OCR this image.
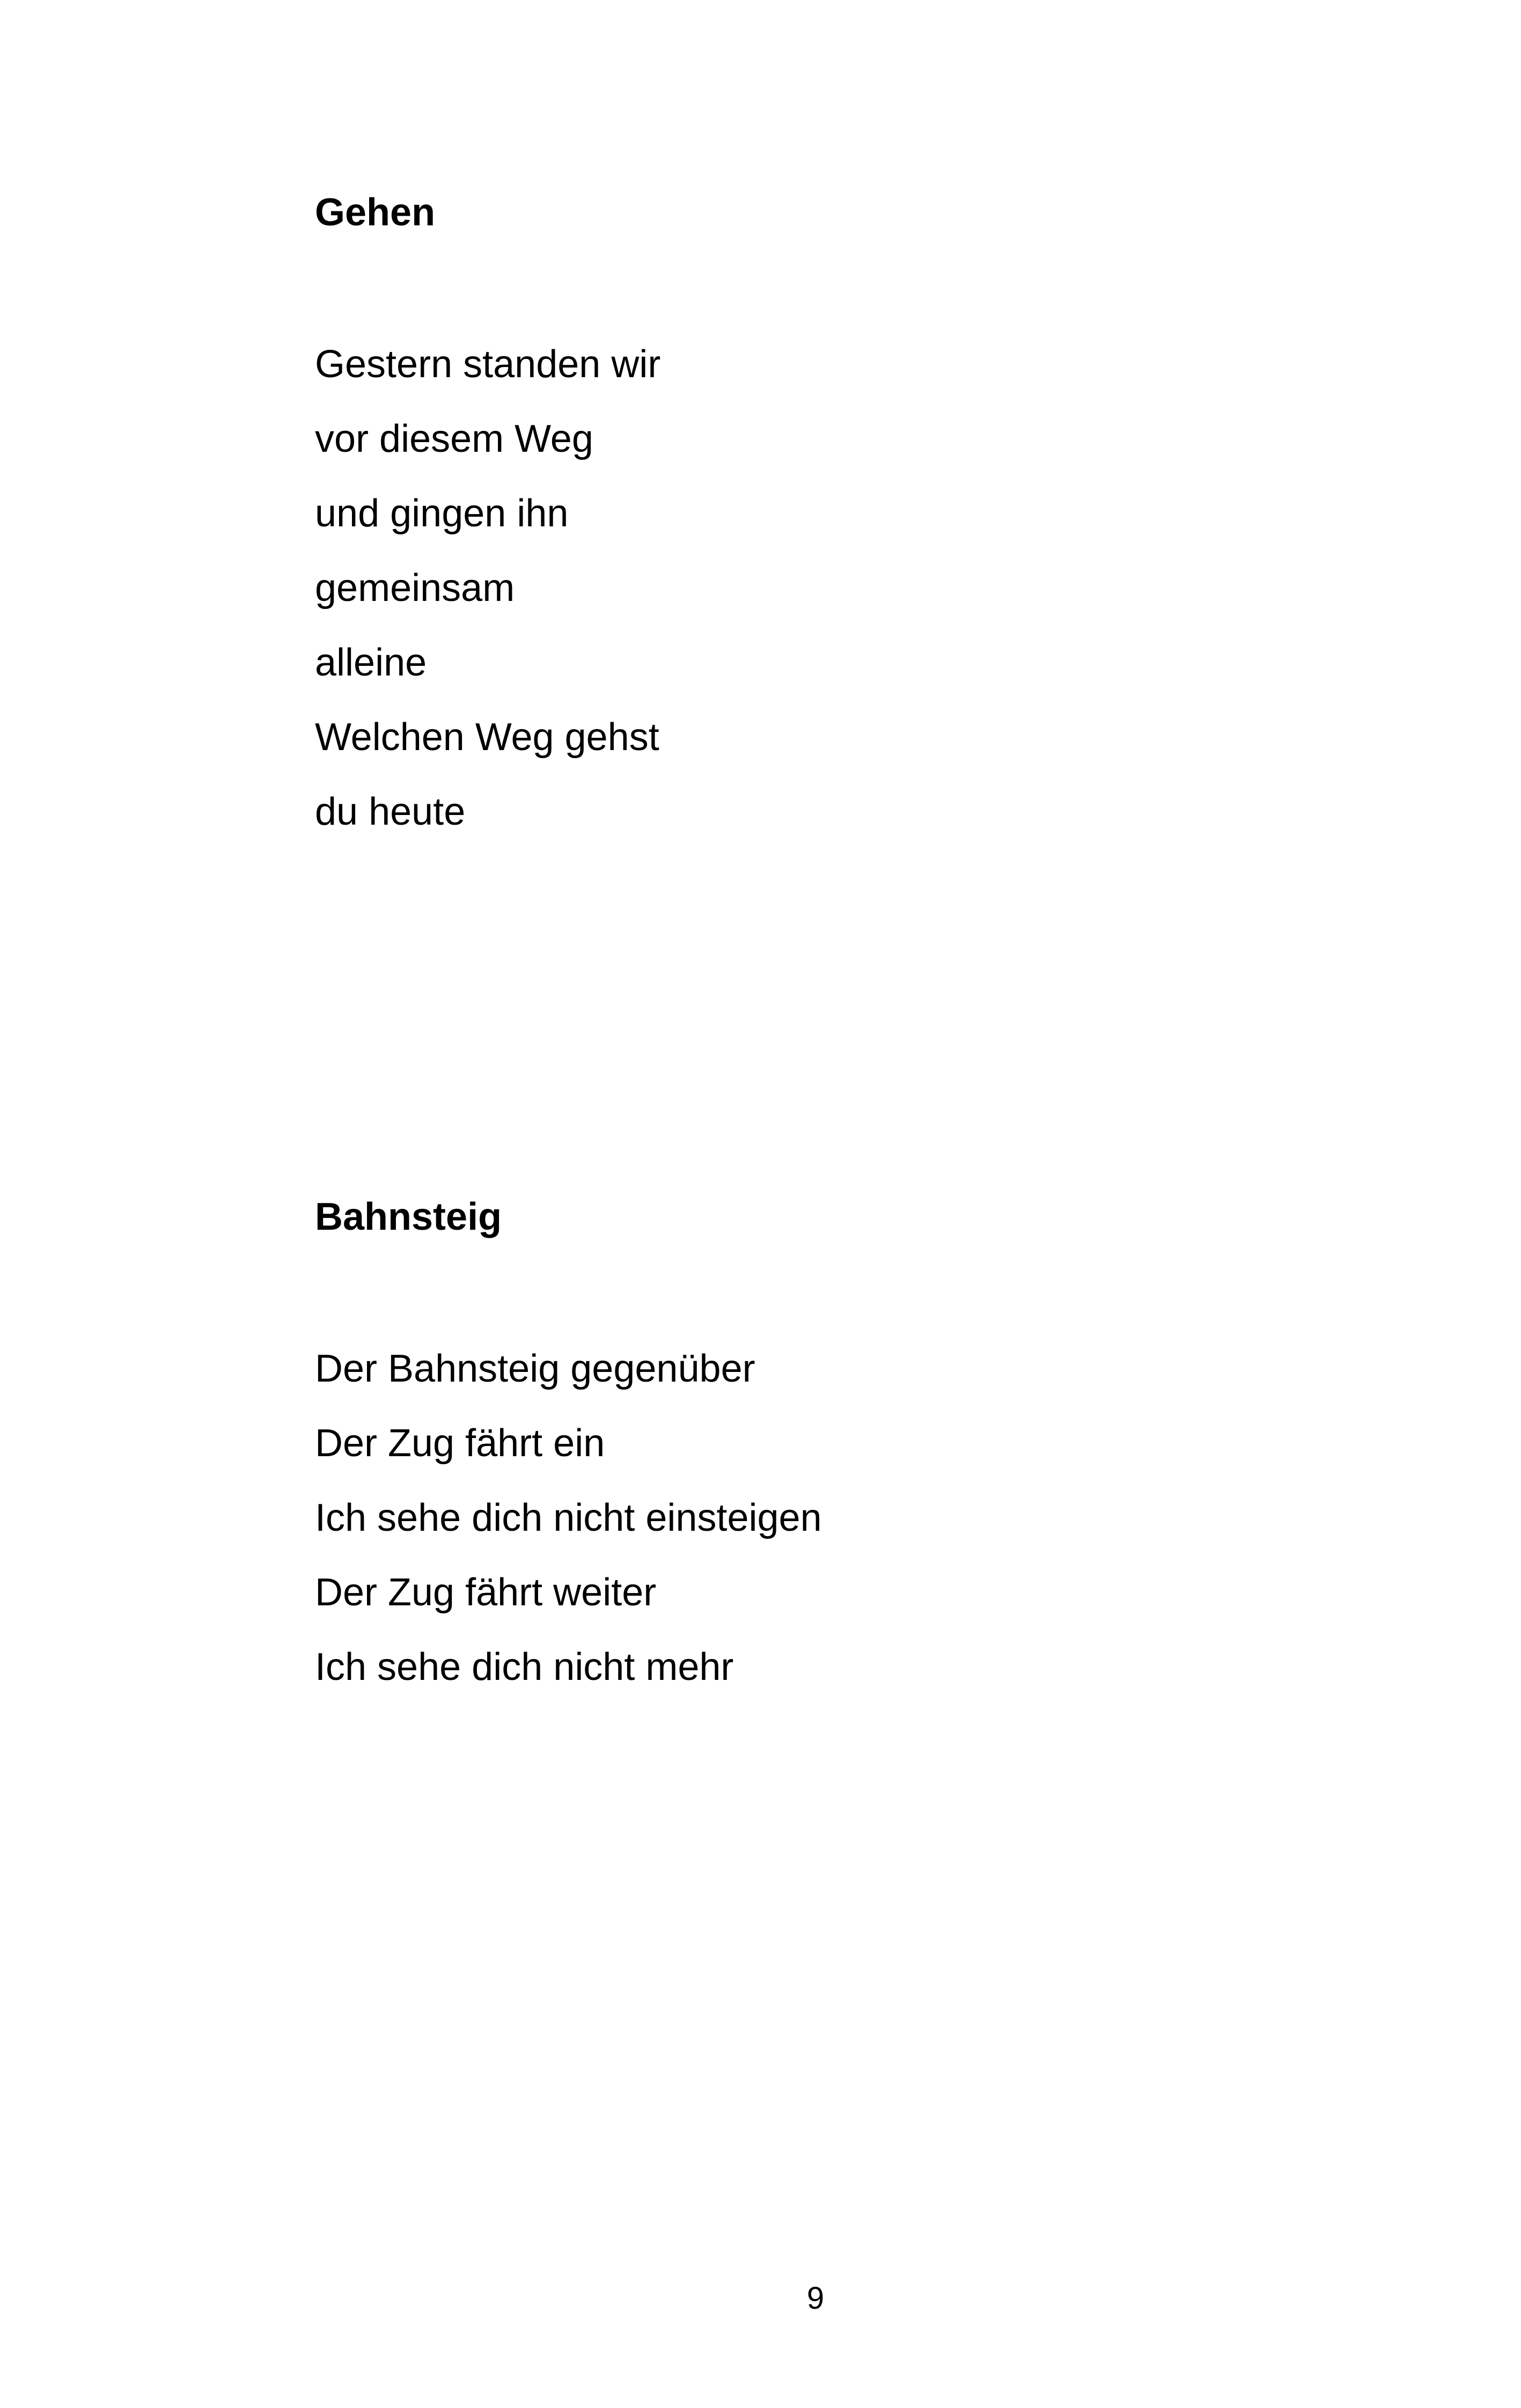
Gehen
Gestern standen wir
vor diesem Weg
und gingen ihn
gemeinsam
alleine
Welchen Weg gehst
du heute
Bahnsteig
Der Bahnsteig gegenüber
Der Zug fährt ein
Ich sehe dich nicht einsteigen
Der Zug fährt weiter
Ich sehe dich nicht mehr
9
